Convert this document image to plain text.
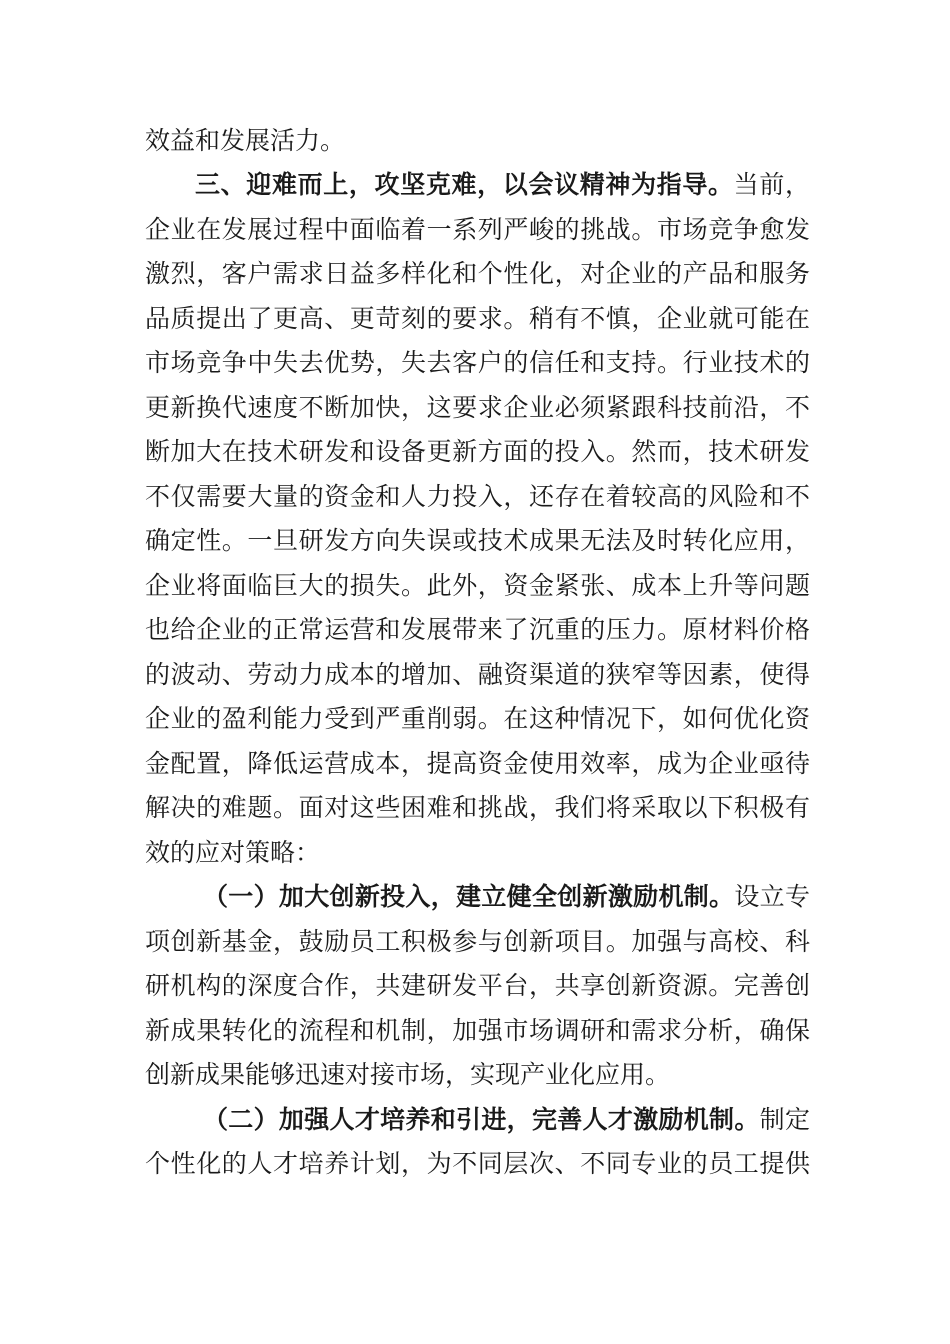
效益和发展活力。
三、迎难而上，攻坚克难，以会议精神为指导。当前，
企业在发展过程中面临着一系列严峻的挑战。市场竞争愈发
激烈，客户需求日益多样化和个性化，对企业的产品和服务
品质提出了更高、更苛刻的要求。稍有不慎，企业就可能在
市场竞争中失去优势，失去客户的信任和支持。行业技术的
更新换代速度不断加快，这要求企业必须紧跟科技前沿，不
断加大在技术研发和设备更新方面的投入。然而，技术研发
不仅需要大量的资金和人力投入，还存在着较高的风险和不
确定性。一旦研发方向失误或技术成果无法及时转化应用，
企业将面临巨大的损失。此外，资金紧张、成本上升等问题
也给企业的正常运营和发展带来了沉重的压力。原材料价格
的波动、劳动力成本的增加、融资渠道的狭窄等因素，使得
企业的盈利能力受到严重削弱。在这种情况下，如何优化资
金配置，降低运营成本，提高资金使用效率，成为企业亟待
解决的难题。面对这些困难和挑战，我们将采取以下积极有
效的应对策略：
（一）加大创新投入，建立健全创新激励机制。设立专
项创新基金，鼓励员工积极参与创新项目。加强与高校、科
研机构的深度合作，共建研发平台，共享创新资源。完善创
新成果转化的流程和机制，加强市场调研和需求分析，确保
创新成果能够迅速对接市场，实现产业化应用。
（二）加强人才培养和引进，完善人才激励机制。制定
个性化的人才培养计划，为不同层次、不同专业的员工提供
